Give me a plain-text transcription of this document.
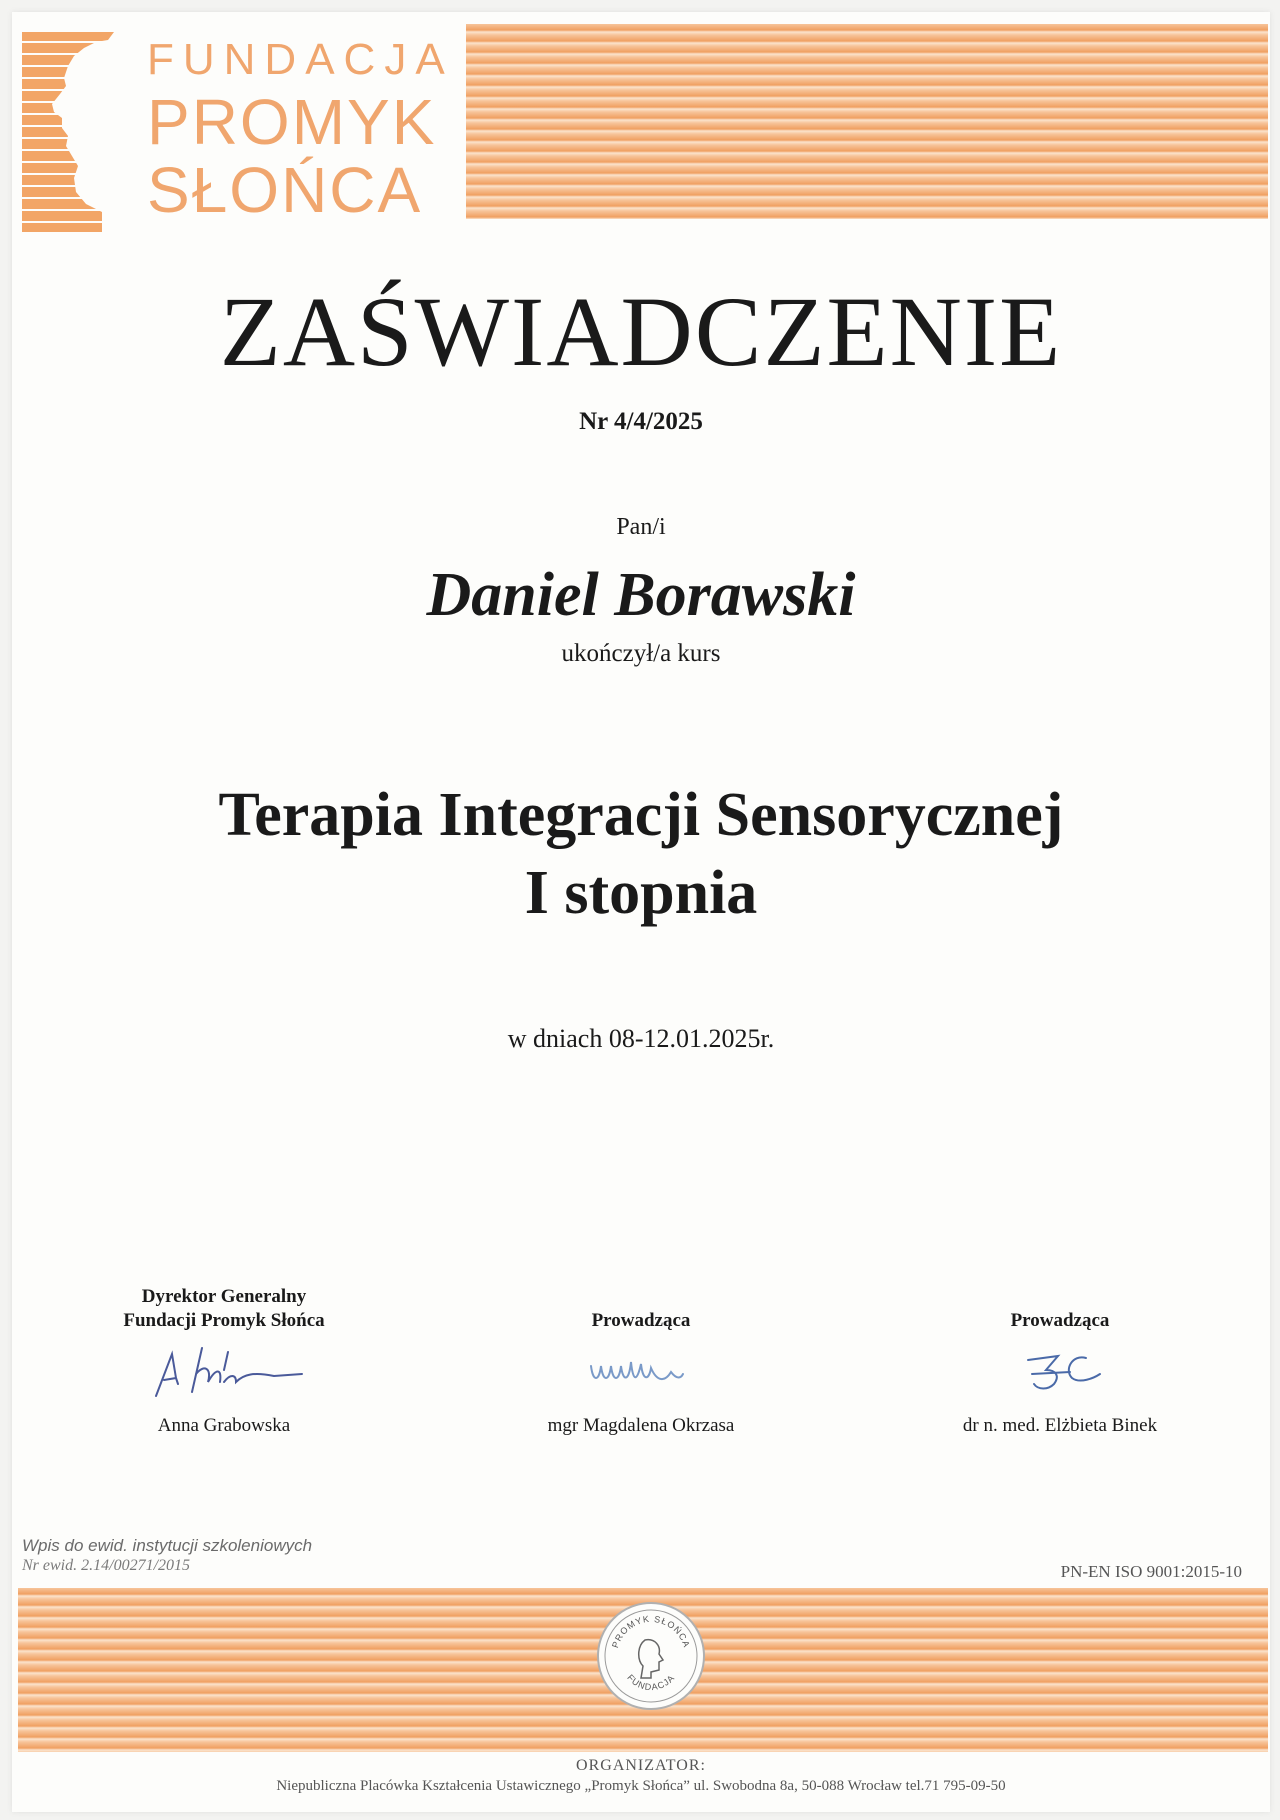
FUNDACJA
PROMYK
SŁOŃCA
ZAŚWIADCZENIE
Nr 4/4/2025
Pan/i
Daniel Borawski
ukończył/a kurs
Terapia Integracji Sensorycznej
I stopnia
w dniach 08-12.01.2025r.
Dyrektor Generalny
Fundacji Promyk Słońca
Anna Grabowska
Prowadząca
mgr Magdalena Okrzasa
Prowadząca
dr n. med. Elżbieta Binek
Wpis do ewid. instytucji szkoleniowych
Nr ewid. 2.14/00271/2015	PN-EN ISO 9001:2015-10
PROMYK SŁOŃCA
FUNDACJA
ORGANIZATOR:
Niepubliczna Placówka Kształcenia Ustawicznego „Promyk Słońca” ul. Swobodna 8a, 50-088 Wrocław tel.71 795-09-50
